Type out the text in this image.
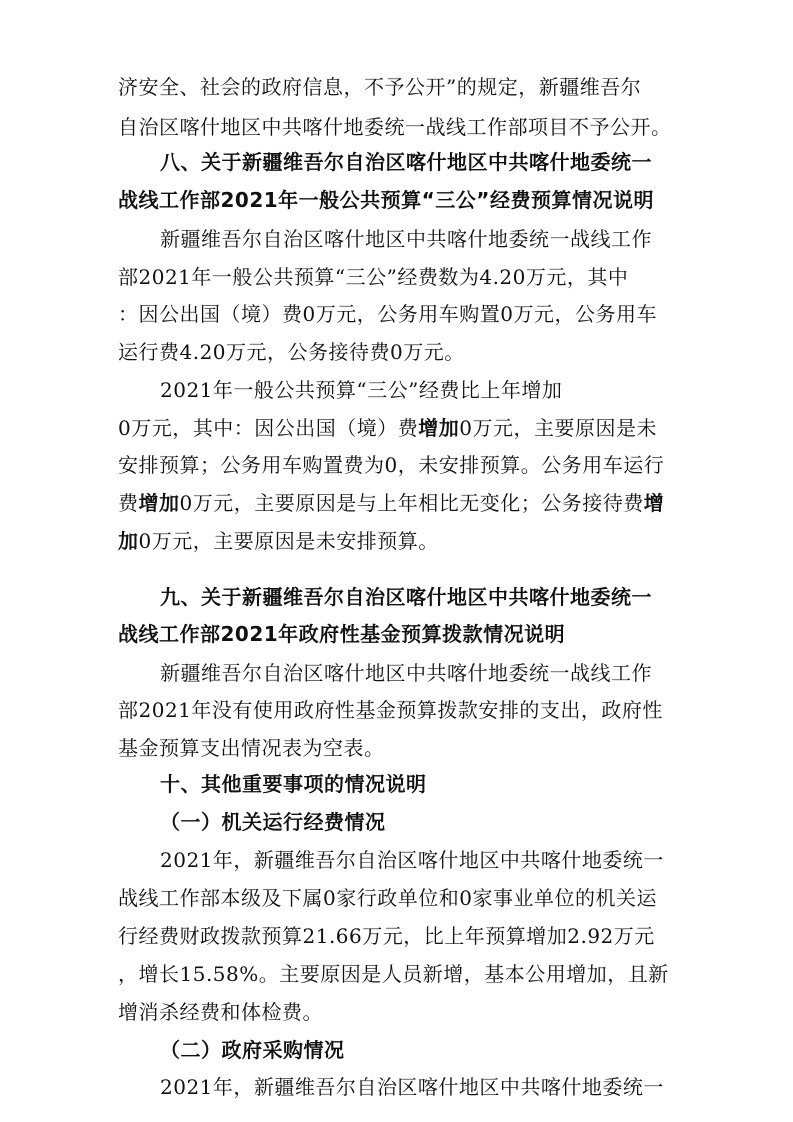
济安全、社会的政府信息，不予公开”的规定，新疆维吾尔
自治区喀什地区中共喀什地委统一战线工作部项目不予公开。
八、关于新疆维吾尔自治区喀什地区中共喀什地委统一
战线工作部2021年一般公共预算“三公”经费预算情况说明
新疆维吾尔自治区喀什地区中共喀什地委统一战线工作
部2021年一般公共预算“三公”经费数为4.20万元，其中
：因公出国（境）费0万元，公务用车购置0万元，公务用车
运行费4.20万元，公务接待费0万元。
2021年一般公共预算“三公”经费比上年增加
0万元，其中：因公出国（境）费增加0万元，主要原因是未
安排预算；公务用车购置费为0，未安排预算。公务用车运行
费增加0万元，主要原因是与上年相比无变化；公务接待费增
加0万元，主要原因是未安排预算。
九、关于新疆维吾尔自治区喀什地区中共喀什地委统一
战线工作部2021年政府性基金预算拨款情况说明
新疆维吾尔自治区喀什地区中共喀什地委统一战线工作
部2021年没有使用政府性基金预算拨款安排的支出，政府性
基金预算支出情况表为空表。
十、其他重要事项的情况说明
（一）机关运行经费情况
2021年，新疆维吾尔自治区喀什地区中共喀什地委统一
战线工作部本级及下属0家行政单位和0家事业单位的机关运
行经费财政拨款预算21.66万元，比上年预算增加2.92万元
，增长15.58%。主要原因是人员新增，基本公用增加，且新
增消杀经费和体检费。
（二）政府采购情况
2021年，新疆维吾尔自治区喀什地区中共喀什地委统一
